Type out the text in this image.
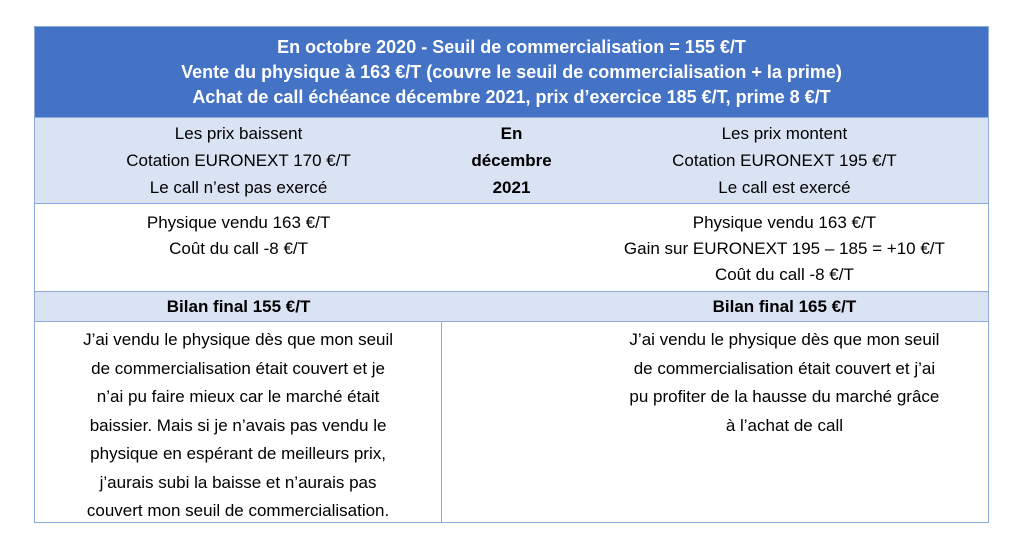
En octobre 2020 - Seuil de commercialisation = 155 €/T
Vente du physique à 163 €/T (couvre le seuil de commercialisation + la prime)
Achat de call échéance décembre 2021, prix d’exercice 185 €/T, prime 8 €/T
Les prix baissent
Cotation EURONEXT 170 €/T
Le call n’est pas exercé
En
décembre
2021
Les prix montent
Cotation EURONEXT 195 €/T
Le call est exercé
Physique vendu 163 €/T
Coût du call -8 €/T
Physique vendu 163 €/T
Gain sur EURONEXT 195 – 185 = +10 €/T
Coût du call -8 €/T
Bilan final 155 €/T	Bilan final 165 €/T
J’ai vendu le physique dès que mon seuil
de commercialisation était couvert et je
n’ai pu faire mieux car le marché était
baissier. Mais si je n’avais pas vendu le
physique en espérant de meilleurs prix,
j’aurais subi la baisse et n’aurais pas
couvert mon seuil de commercialisation.
J’ai vendu le physique dès que mon seuil
de commercialisation était couvert et j’ai
pu profiter de la hausse du marché grâce
à l’achat de call
